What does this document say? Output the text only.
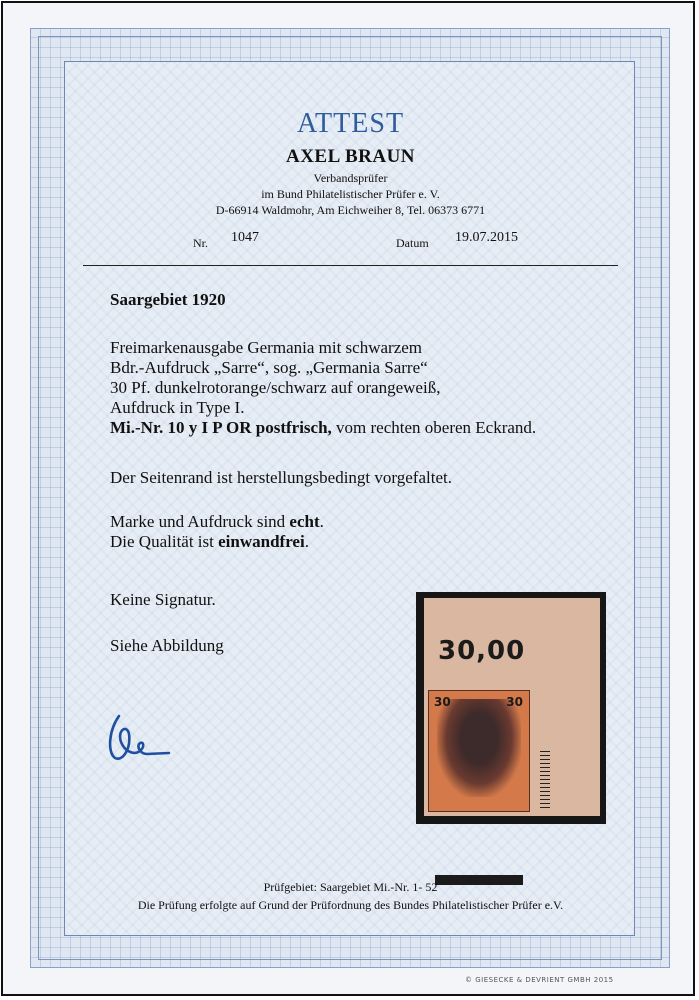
ATTEST
AXEL BRAUN
Verbandsprüfer
im Bund Philatelistischer Prüfer e. V.
D-66914 Waldmohr, Am Eichweiher 8, Tel. 06373 6771
Nr. 1047	Datum 19.07.2015
Saargebiet 1920
Freimarkenausgabe Germania mit schwarzem
Bdr.-Aufdruck „Sarre“, sog. „Germania Sarre“
30 Pf. dunkelrotorange/schwarz auf orangeweiß,
Aufdruck in Type I.
Mi.-Nr. 10 y I P OR postfrisch, vom rechten oberen Eckrand.
Der Seitenrand ist herstellungsbedingt vorgefaltet.
Marke und Aufdruck sind echt.
Die Qualität ist einwandfrei.
Keine Signatur.
Siehe Abbildung	30,00
30	30
Prüfgebiet: Saargebiet Mi.-Nr. 1- 52
Die Prüfung erfolgte auf Grund der Prüfordnung des Bundes Philatelistischer Prüfer e.V.
© GIESECKE & DEVRIENT GMBH 2015
